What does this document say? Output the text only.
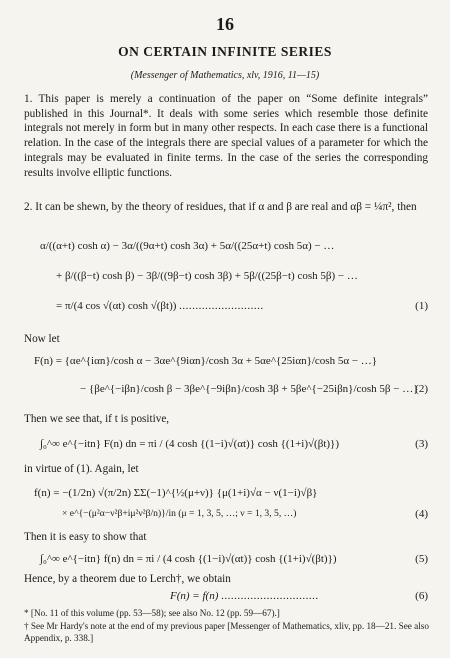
16
ON CERTAIN INFINITE SERIES
(Messenger of Mathematics, xlv, 1916, 11—15)
1. This paper is merely a continuation of the paper on “Some definite integrals” published in this Journal*. It deals with some series which resemble those definite integrals not merely in form but in many other respects. In each case there is a functional relation. In the case of the integrals there are special values of a parameter for which the integrals may be evaluated in finite terms. In the case of the series the corresponding results involve elliptic functions.
2. It can be shewn, by the theory of residues, that if α and β are real and αβ = ¼π², then
α/((α+t) cosh α) − 3α/((9α+t) cosh 3α) + 5α/((25α+t) cosh 5α) − …
+ β/((β−t) cosh β) − 3β/((9β−t) cosh 3β) + 5β/((25β−t) cosh 5β) − …
= π/(4 cos √(αt) cosh √(βt)) ..........................	(1)
Now let
F(n) = {αe^{iαn}/cosh α − 3αe^{9iαn}/cosh 3α + 5αe^{25iαn}/cosh 5α − …}
− {βe^{−iβn}/cosh β − 3βe^{−9iβn}/cosh 3β + 5βe^{−25iβn}/cosh 5β − …}
(2)
Then we see that, if t is positive,
∫₀^∞ e^{−itn} F(n) dn = πi / (4 cosh {(1−i)√(αt)} cosh {(1+i)√(βt)})	(3)
in virtue of (1). Again, let
f(n) = −(1/2n) √(π/2n) ΣΣ(−1)^{½(μ+ν)} {μ(1+i)√α − ν(1−i)√β}
× e^{−(μ²α−ν²β+iμ²ν²β/n)}/in (μ = 1, 3, 5, …; ν = 1, 3, 5, …)	(4)
Then it is easy to show that
∫₀^∞ e^{−itn} f(n) dn = πi / (4 cosh {(1−i)√(αt)} cosh {(1+i)√(βt)})	(5)
Hence, by a theorem due to Lerch†, we obtain
F(n) = f(n) ..............................	(6)
* [No. 11 of this volume (pp. 53—58); see also No. 12 (pp. 59—67).]
† See Mr Hardy's note at the end of my previous paper [Messenger of Mathematics, xliv, pp. 18—21. See also Appendix, p. 338.]
